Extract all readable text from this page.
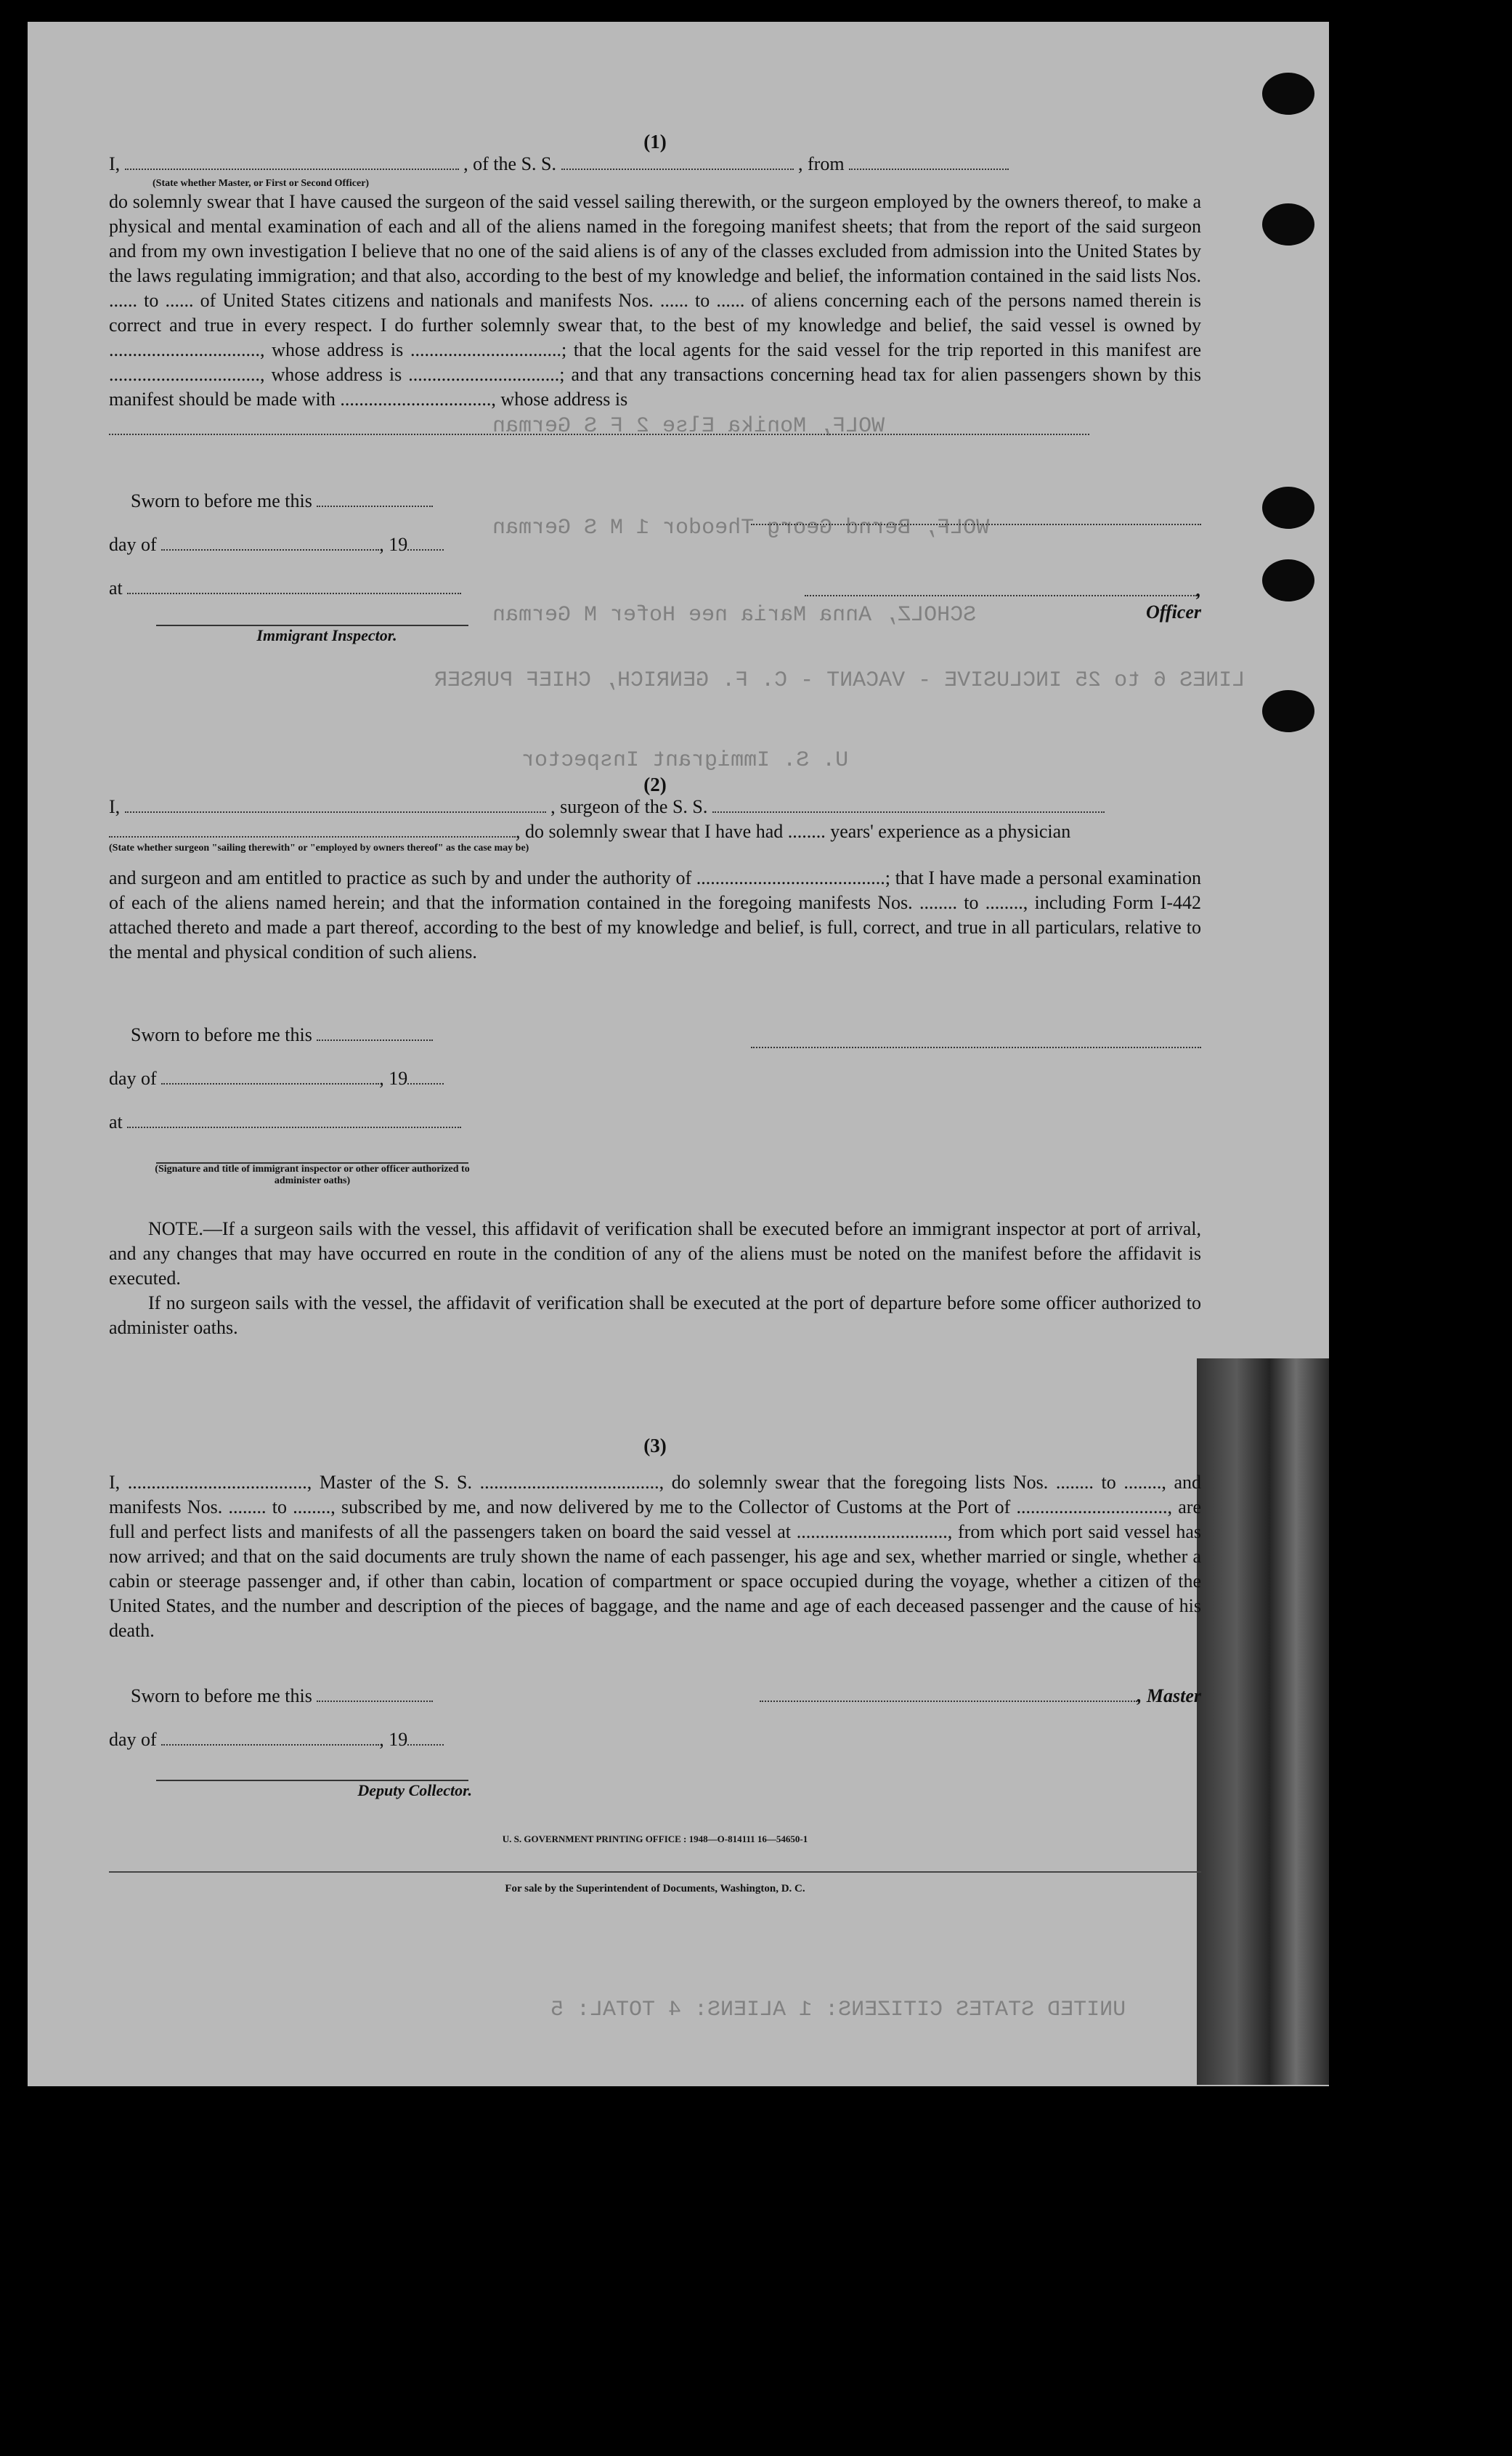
WOLF, Monika Else 2 F S German
WOLF, Bernd Georg Theodor 1 M S German
SCHOLZ, Anna Maria nee Hofer M German
LINES 6 to 25 INCLUSIVE - VACANT - C. F. GENRICH, CHIEF PURSER
U. S. Immigrant Inspector
UNITED STATES CITIZENS: 1 ALIENS: 4 TOTAL: 5

(1)

I,	, of the S. S.	, from
(State whether Master, or First or Second Officer)

do solemnly swear that I have caused the surgeon of the said vessel sailing therewith, or the surgeon employed by the owners thereof, to make a physical and mental examination of each and all of the aliens named in the foregoing manifest sheets; that from the report of the said surgeon and from my own investigation I believe that no one of the said aliens is of any of the classes excluded from admission into the United States by the laws regulating immigration; and that also, according to the best of my knowledge and belief, the information contained in the said lists Nos. ...... to ...... of United States citizens and nationals and manifests Nos. ...... to ...... of aliens concerning each of the persons named therein is correct and true in every respect. I do further solemnly swear that, to the best of my knowledge and belief, the said vessel is owned by ................................, whose address is ................................; that the local agents for the said vessel for the trip reported in this manifest are ................................, whose address is ................................; and that any transactions concerning head tax for alien passengers shown by this manifest should be made with ................................, whose address is

Sworn to before me this
day of	, 19
at
Immigrant Inspector.
, Officer

(2)

I,	, surgeon of the S. S.
, do solemnly swear that I have had ........ years' experience as a physician
(State whether surgeon "sailing therewith" or "employed by owners thereof" as the case may be)

and surgeon and am entitled to practice as such by and under the authority of ........................................; that I have made a personal examination of each of the aliens named herein; and that the information contained in the foregoing manifests Nos. ........ to ........, including Form I-442 attached thereto and made a part thereof, according to the best of my knowledge and belief, is full, correct, and true in all particulars, relative to the mental and physical condition of such aliens.

Sworn to before me this
day of	, 19
at
(Signature and title of immigrant inspector or other officer authorized to administer oaths)

NOTE.—If a surgeon sails with the vessel, this affidavit of verification shall be executed before an immigrant inspector at port of arrival, and any changes that may have occurred en route in the condition of any of the aliens must be noted on the manifest before the affidavit is executed.

If no surgeon sails with the vessel, the affidavit of verification shall be executed at the port of departure before some officer authorized to administer oaths.

(3)

I, ......................................, Master of the S. S. ......................................, do solemnly swear that the foregoing lists Nos. ........ to ........, and manifests Nos. ........ to ........, subscribed by me, and now delivered by me to the Collector of Customs at the Port of ................................, are full and perfect lists and manifests of all the passengers taken on board the said vessel at ................................, from which port said vessel has now arrived; and that on the said documents are truly shown the name of each passenger, his age and sex, whether married or single, whether a cabin or steerage passenger and, if other than cabin, location of compartment or space occupied during the voyage, whether a citizen of the United States, and the number and description of the pieces of baggage, and the name and age of each deceased passenger and the cause of his death.

Sworn to before me this
day of	, 19
Deputy Collector.
, Master
U. S. GOVERNMENT PRINTING OFFICE : 1948—O-814111 16—54650-1
For sale by the Superintendent of Documents, Washington, D. C.
